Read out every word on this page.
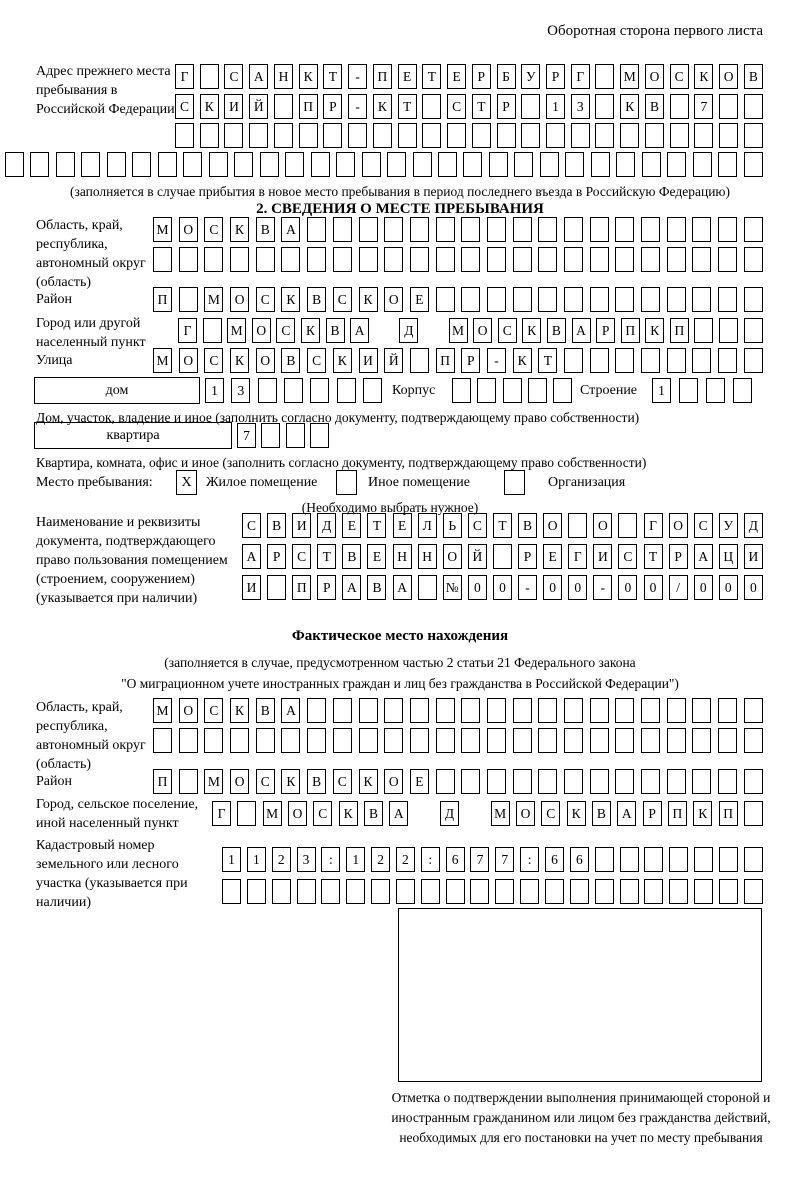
Оборотная сторона первого листа
Адрес прежнего места пребывания в Российской Федерации
Г	С	А	Н	К	Т	-	П	Е	Т	Е	Р	Б	У	Р	Г	М	О	С	К	О	В
С	К	И	Й	П	Р	-	К	Т	С	Т	Р	1	3	К	В	7
(заполняется в случае прибытия в новое место пребывания в период последнего въезда в Российскую Федерацию)
2. СВЕДЕНИЯ О МЕСТЕ ПРЕБЫВАНИЯ
Область, край, республика, автономный округ (область)
М	О	С	К	В	А
Район	П	М	О	С	К	В	С	К	О	Е
Город или другой населенный пункт
Г	М	О	С	К	В	А	Д	М	О	С	К	В	А	Р	П	К	П
Улица	М	О	С	К	О	В	С	К	И	Й	П	Р	-	К	Т
дом	1	3	Корпус	Строение	1
Дом, участок, владение и иное (заполнить согласно документу, подтверждающему право собственности)
квартира	7
Квартира, комната, офис и иное (заполнить согласно документу, подтверждающему право собственности)
Место пребывания:	X	Жилое помещение	Иное помещение	Организация
(Необходимо выбрать нужное)
Наименование и реквизиты документа, подтверждающего право пользования помещением (строением, сооружением) (указывается при наличии)
С	В	И	Д	Е	Т	Е	Л	Ь	С	Т	В	О	О	Г	О	С	У	Д
А	Р	С	Т	В	Е	Н	Н	О	Й	Р	Е	Г	И	С	Т	Р	А	Ц	И
И	П	Р	А	В	А	№	0	0	-	0	0	-	0	0	/	0	0	0
Фактическое место нахождения
(заполняется в случае, предусмотренном частью 2 статьи 21 Федерального закона
"О миграционном учете иностранных граждан и лиц без гражданства в Российской Федерации")
Область, край, республика, автономный округ (область)
М	О	С	К	В	А
Район	П	М	О	С	К	В	С	К	О	Е
Город, сельское поселение, иной населенный пункт
Г	М	О	С	К	В	А	Д	М	О	С	К	В	А	Р	П	К	П
Кадастровый номер земельного или лесного участка (указывается при наличии)
1	1	2	3	:	1	2	2	:	6	7	7	:	6	6
Отметка о подтверждении выполнения принимающей стороной и иностранным гражданином или лицом без гражданства действий, необходимых для его постановки на учет по месту пребывания
